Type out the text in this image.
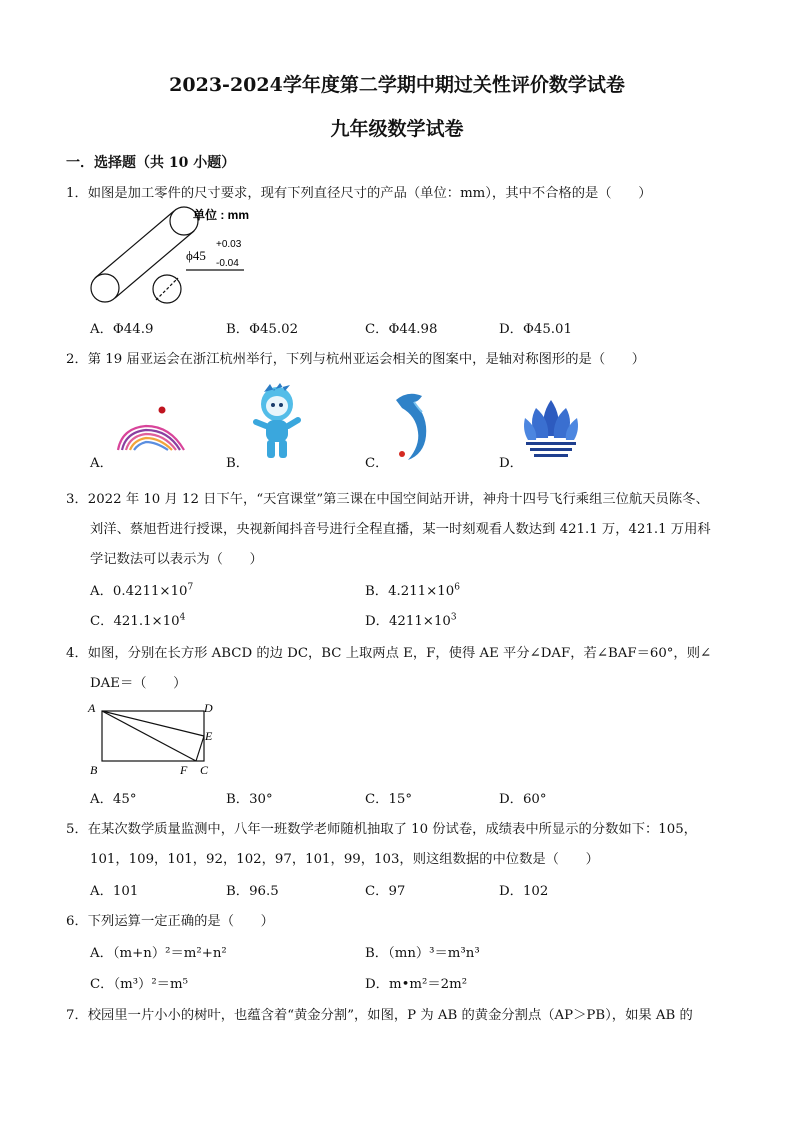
2023-2024学年度第二学期中期过关性评价数学试卷
九年级数学试卷
一．选择题（共 10 小题）
1．如图是加工零件的尺寸要求，现有下列直径尺寸的产品（单位：mm），其中不合格的是（　　）
单位 : mm
ϕ45
+0.03
-0.04
A．Φ44.9	B．Φ45.02	C．Φ44.98	D．Φ45.01
2．第 19 届亚运会在浙江杭州举行，下列与杭州亚运会相关的图案中，是轴对称图形的是（　　）
A．	B．	C．	D．
3．2022 年 10 月 12 日下午，“天宫课堂”第三课在中国空间站开讲，神舟十四号飞行乘组三位航天员陈冬、
刘洋、蔡旭哲进行授课，央视新闻抖音号进行全程直播，某一时刻观看人数达到 421.1 万，421.1 万用科
学记数法可以表示为（　　）
A．$0.4211\times 10^7$	B．$4.211\times 10^6$
C．$421.1\times 10^4$	D．$4211\times 10^3$
4．如图，分别在长方形 ABCD 的边 DC，BC 上取两点 E，F，使得 AE 平分∠DAF，若∠BAF＝60°，则∠
DAE＝（　　）
A	D
E
B	F C
A．45°	B．30°	C．15°	D．60°
5．在某次数学质量监测中，八年一班数学老师随机抽取了 10 份试卷，成绩表中所显示的分数如下：105，
101，109，101，92，102，97，101，99，103，则这组数据的中位数是（　　）
A．101	B．96.5	C．97	D．102
6．下列运算一定正确的是（　　）
A．（m+n）²＝m²+n²	B．（mn）³＝m³n³
C．（m³）²＝m⁵	D．m•m²＝2m²
7．校园里一片小小的树叶，也蕴含着“黄金分割”，如图，P 为 AB 的黄金分割点（AP＞PB），如果 AB 的
